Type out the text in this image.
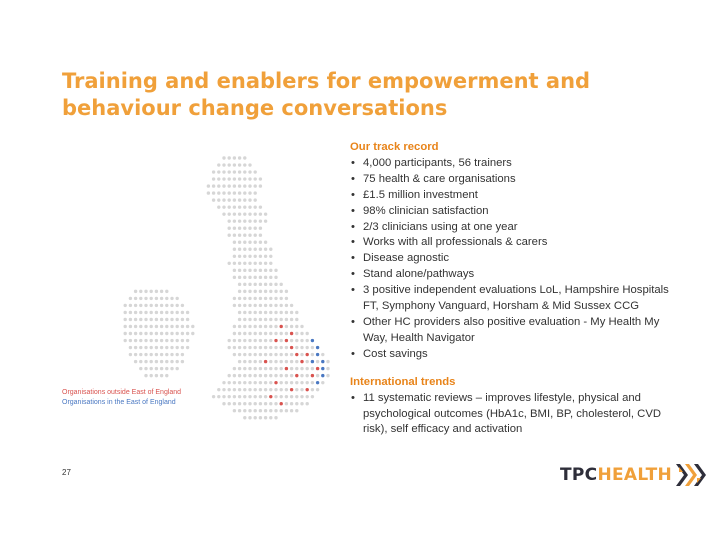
Training and enablers for empowerment and
behaviour change conversations
Organisations outside East of England
Organisations in the East of England
Our track record
• 4,000 participants, 56 trainers
• 75 health & care organisations
• £1.5 million investment
• 98% clinician satisfaction
• 2/3 clinicians using at one year
• Works with all professionals & carers
• Disease agnostic
• Stand alone/pathways
• 3 positive independent evaluations LoL, Hampshire Hospitals FT, Symphony Vanguard, Horsham & Mid Sussex CCG
• Other HC providers also positive evaluation - My Health My Way, Health Navigator
• Cost savings
International trends
• 11 systematic reviews – improves lifestyle, physical and psychological outcomes (HbA1c, BMI, BP, cholesterol, CVD risk), self efficacy and activation
27	TPCHEALTH
